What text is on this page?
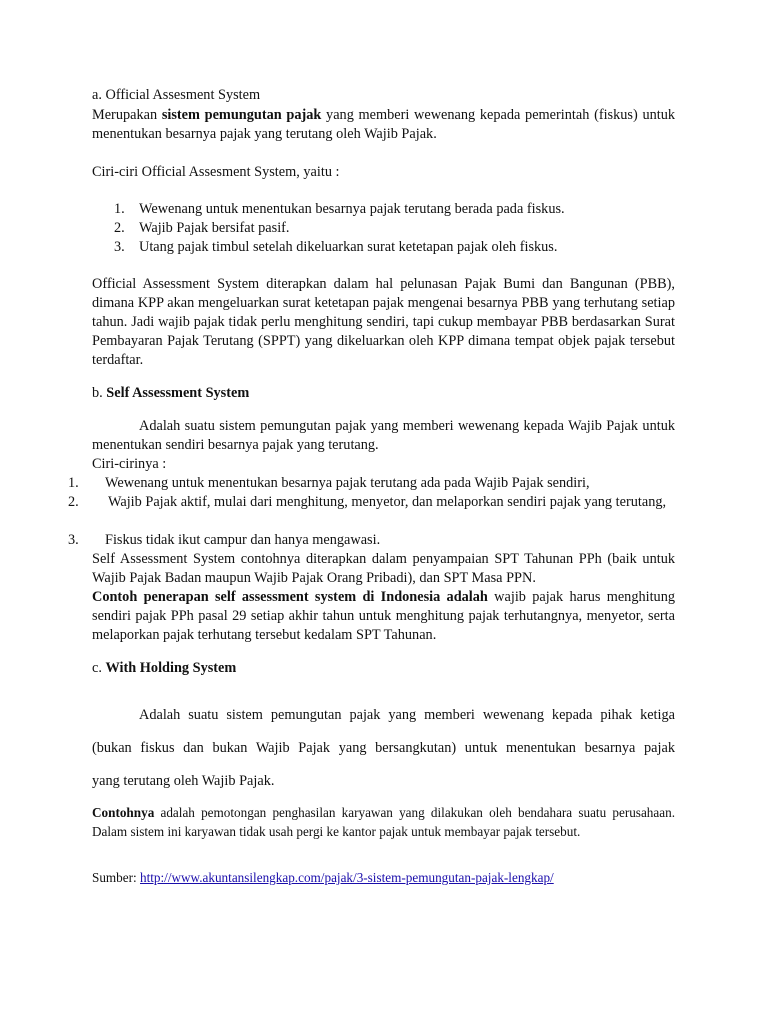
a. Official Assesment System

Merupakan sistem pemungutan pajak yang memberi wewenang kepada pemerintah (fiskus) untuk menentukan besarnya pajak yang terutang oleh Wajib Pajak.

Ciri-ciri Official Assesment System, yaitu :

1. Wewenang untuk menentukan besarnya pajak terutang berada pada fiskus.
2. Wajib Pajak bersifat pasif.
3. Utang pajak timbul setelah dikeluarkan surat ketetapan pajak oleh fiskus.

Official Assessment System diterapkan dalam hal pelunasan Pajak Bumi dan Bangunan (PBB), dimana KPP akan mengeluarkan surat ketetapan pajak mengenai besarnya PBB yang terhutang setiap tahun. Jadi wajib pajak tidak perlu menghitung sendiri, tapi cukup membayar PBB berdasarkan Surat Pembayaran Pajak Terutang (SPPT) yang dikeluarkan oleh KPP dimana tempat objek pajak tersebut terdaftar.

b. Self Assessment System

Adalah suatu sistem pemungutan pajak yang memberi wewenang kepada Wajib Pajak untuk menentukan sendiri besarnya pajak yang terutang.

Ciri-cirinya :

1. Wewenang untuk menentukan besarnya pajak terutang ada pada Wajib Pajak sendiri,
2.	Wajib Pajak aktif, mulai dari menghitung, menyetor, dan melaporkan sendiri pajak yang terutang,
3. Fiskus tidak ikut campur dan hanya mengawasi.

Self Assessment System contohnya diterapkan dalam penyampaian SPT Tahunan PPh (baik untuk Wajib Pajak Badan maupun Wajib Pajak Orang Pribadi), dan SPT Masa PPN.

Contoh penerapan self assessment system di Indonesia adalah wajib pajak harus menghitung sendiri pajak PPh pasal 29 setiap akhir tahun untuk menghitung pajak terhutangnya, menyetor, serta melaporkan pajak terhutang tersebut kedalam SPT Tahunan.

c. With Holding System

Adalah suatu sistem pemungutan pajak yang memberi wewenang kepada pihak ketiga

(bukan fiskus dan bukan Wajib Pajak yang bersangkutan) untuk menentukan besarnya pajak

yang terutang oleh Wajib Pajak.

Contohnya adalah pemotongan penghasilan karyawan yang dilakukan oleh bendahara suatu perusahaan. Dalam sistem ini karyawan tidak usah pergi ke kantor pajak untuk membayar pajak tersebut.

Sumber: http://www.akuntansilengkap.com/pajak/3-sistem-pemungutan-pajak-lengkap/
